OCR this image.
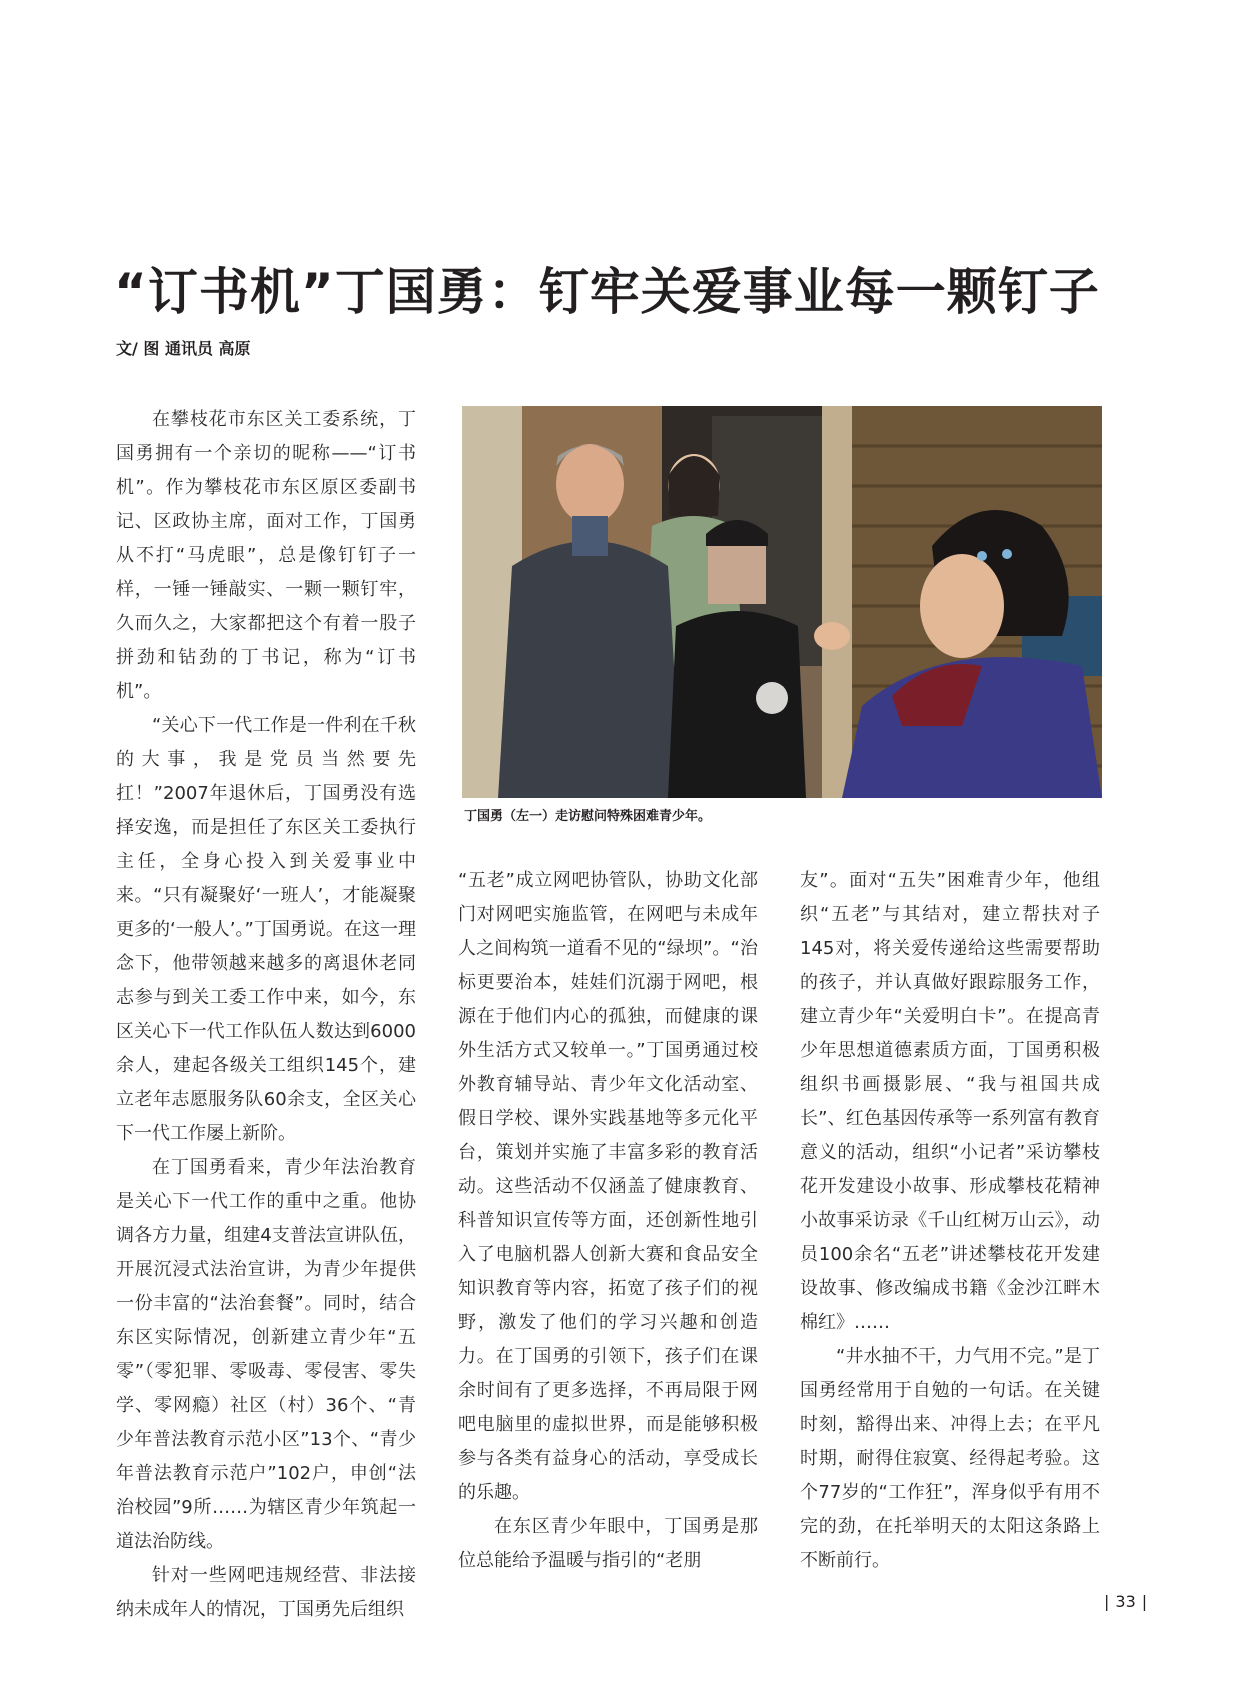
“订书机”丁国勇：钉牢关爱事业每一颗钉子
文/ 图 通讯员 高原

在攀枝花市东区关工委系统，丁国勇拥有一个亲切的昵称——“订书机”。作为攀枝花市东区原区委副书记、区政协主席，面对工作，丁国勇从不打“马虎眼”，总是像钉钉子一样，一锤一锤敲实、一颗一颗钉牢，久而久之，大家都把这个有着一股子拼劲和钻劲的丁书记，称为“订书机”。

“关心下一代工作是一件利在千秋的大事，我是党员当然要先扛！”2007年退休后，丁国勇没有选择安逸，而是担任了东区关工委执行主任，全身心投入到关爱事业中来。“只有凝聚好‘一班人’，才能凝聚更多的‘一般人’。”丁国勇说。在这一理念下，他带领越来越多的离退休老同志参与到关工委工作中来，如今，东区关心下一代工作队伍人数达到6000余人，建起各级关工组织145个，建立老年志愿服务队60余支，全区关心下一代工作屡上新阶。

在丁国勇看来，青少年法治教育是关心下一代工作的重中之重。他协调各方力量，组建4支普法宣讲队伍，开展沉浸式法治宣讲，为青少年提供一份丰富的“法治套餐”。同时，结合东区实际情况，创新建立青少年“五零”（零犯罪、零吸毒、零侵害、零失学、零网瘾）社区（村）36个、“青少年普法教育示范小区”13个、“青少年普法教育示范户”102户，申创“法治校园”9所……为辖区青少年筑起一道法治防线。

针对一些网吧违规经营、非法接纳未成年人的情况，丁国勇先后组织

丁国勇（左一）走访慰问特殊困难青少年。

“五老”成立网吧协管队，协助文化部门对网吧实施监管，在网吧与未成年人之间构筑一道看不见的“绿坝”。“治标更要治本，娃娃们沉溺于网吧，根源在于他们内心的孤独，而健康的课外生活方式又较单一。”丁国勇通过校外教育辅导站、青少年文化活动室、假日学校、课外实践基地等多元化平台，策划并实施了丰富多彩的教育活动。这些活动不仅涵盖了健康教育、科普知识宣传等方面，还创新性地引入了电脑机器人创新大赛和食品安全知识教育等内容，拓宽了孩子们的视野，激发了他们的学习兴趣和创造力。在丁国勇的引领下，孩子们在课余时间有了更多选择，不再局限于网吧电脑里的虚拟世界，而是能够积极参与各类有益身心的活动，享受成长的乐趣。

在东区青少年眼中，丁国勇是那位总能给予温暖与指引的“老朋

友”。面对“五失”困难青少年，他组织“五老”与其结对，建立帮扶对子145对，将关爱传递给这些需要帮助的孩子，并认真做好跟踪服务工作，建立青少年“关爱明白卡”。在提高青少年思想道德素质方面，丁国勇积极组织书画摄影展、“我与祖国共成长”、红色基因传承等一系列富有教育意义的活动，组织“小记者”采访攀枝花开发建设小故事、形成攀枝花精神小故事采访录《千山红树万山云》，动员100余名“五老”讲述攀枝花开发建设故事、修改编成书籍《金沙江畔木棉红》……

“井水抽不干，力气用不完。”是丁国勇经常用于自勉的一句话。在关键时刻，豁得出来、冲得上去；在平凡时期，耐得住寂寞、经得起考验。这个77岁的“工作狂”，浑身似乎有用不完的劲，在托举明天的太阳这条路上不断前行。

| 33 |
